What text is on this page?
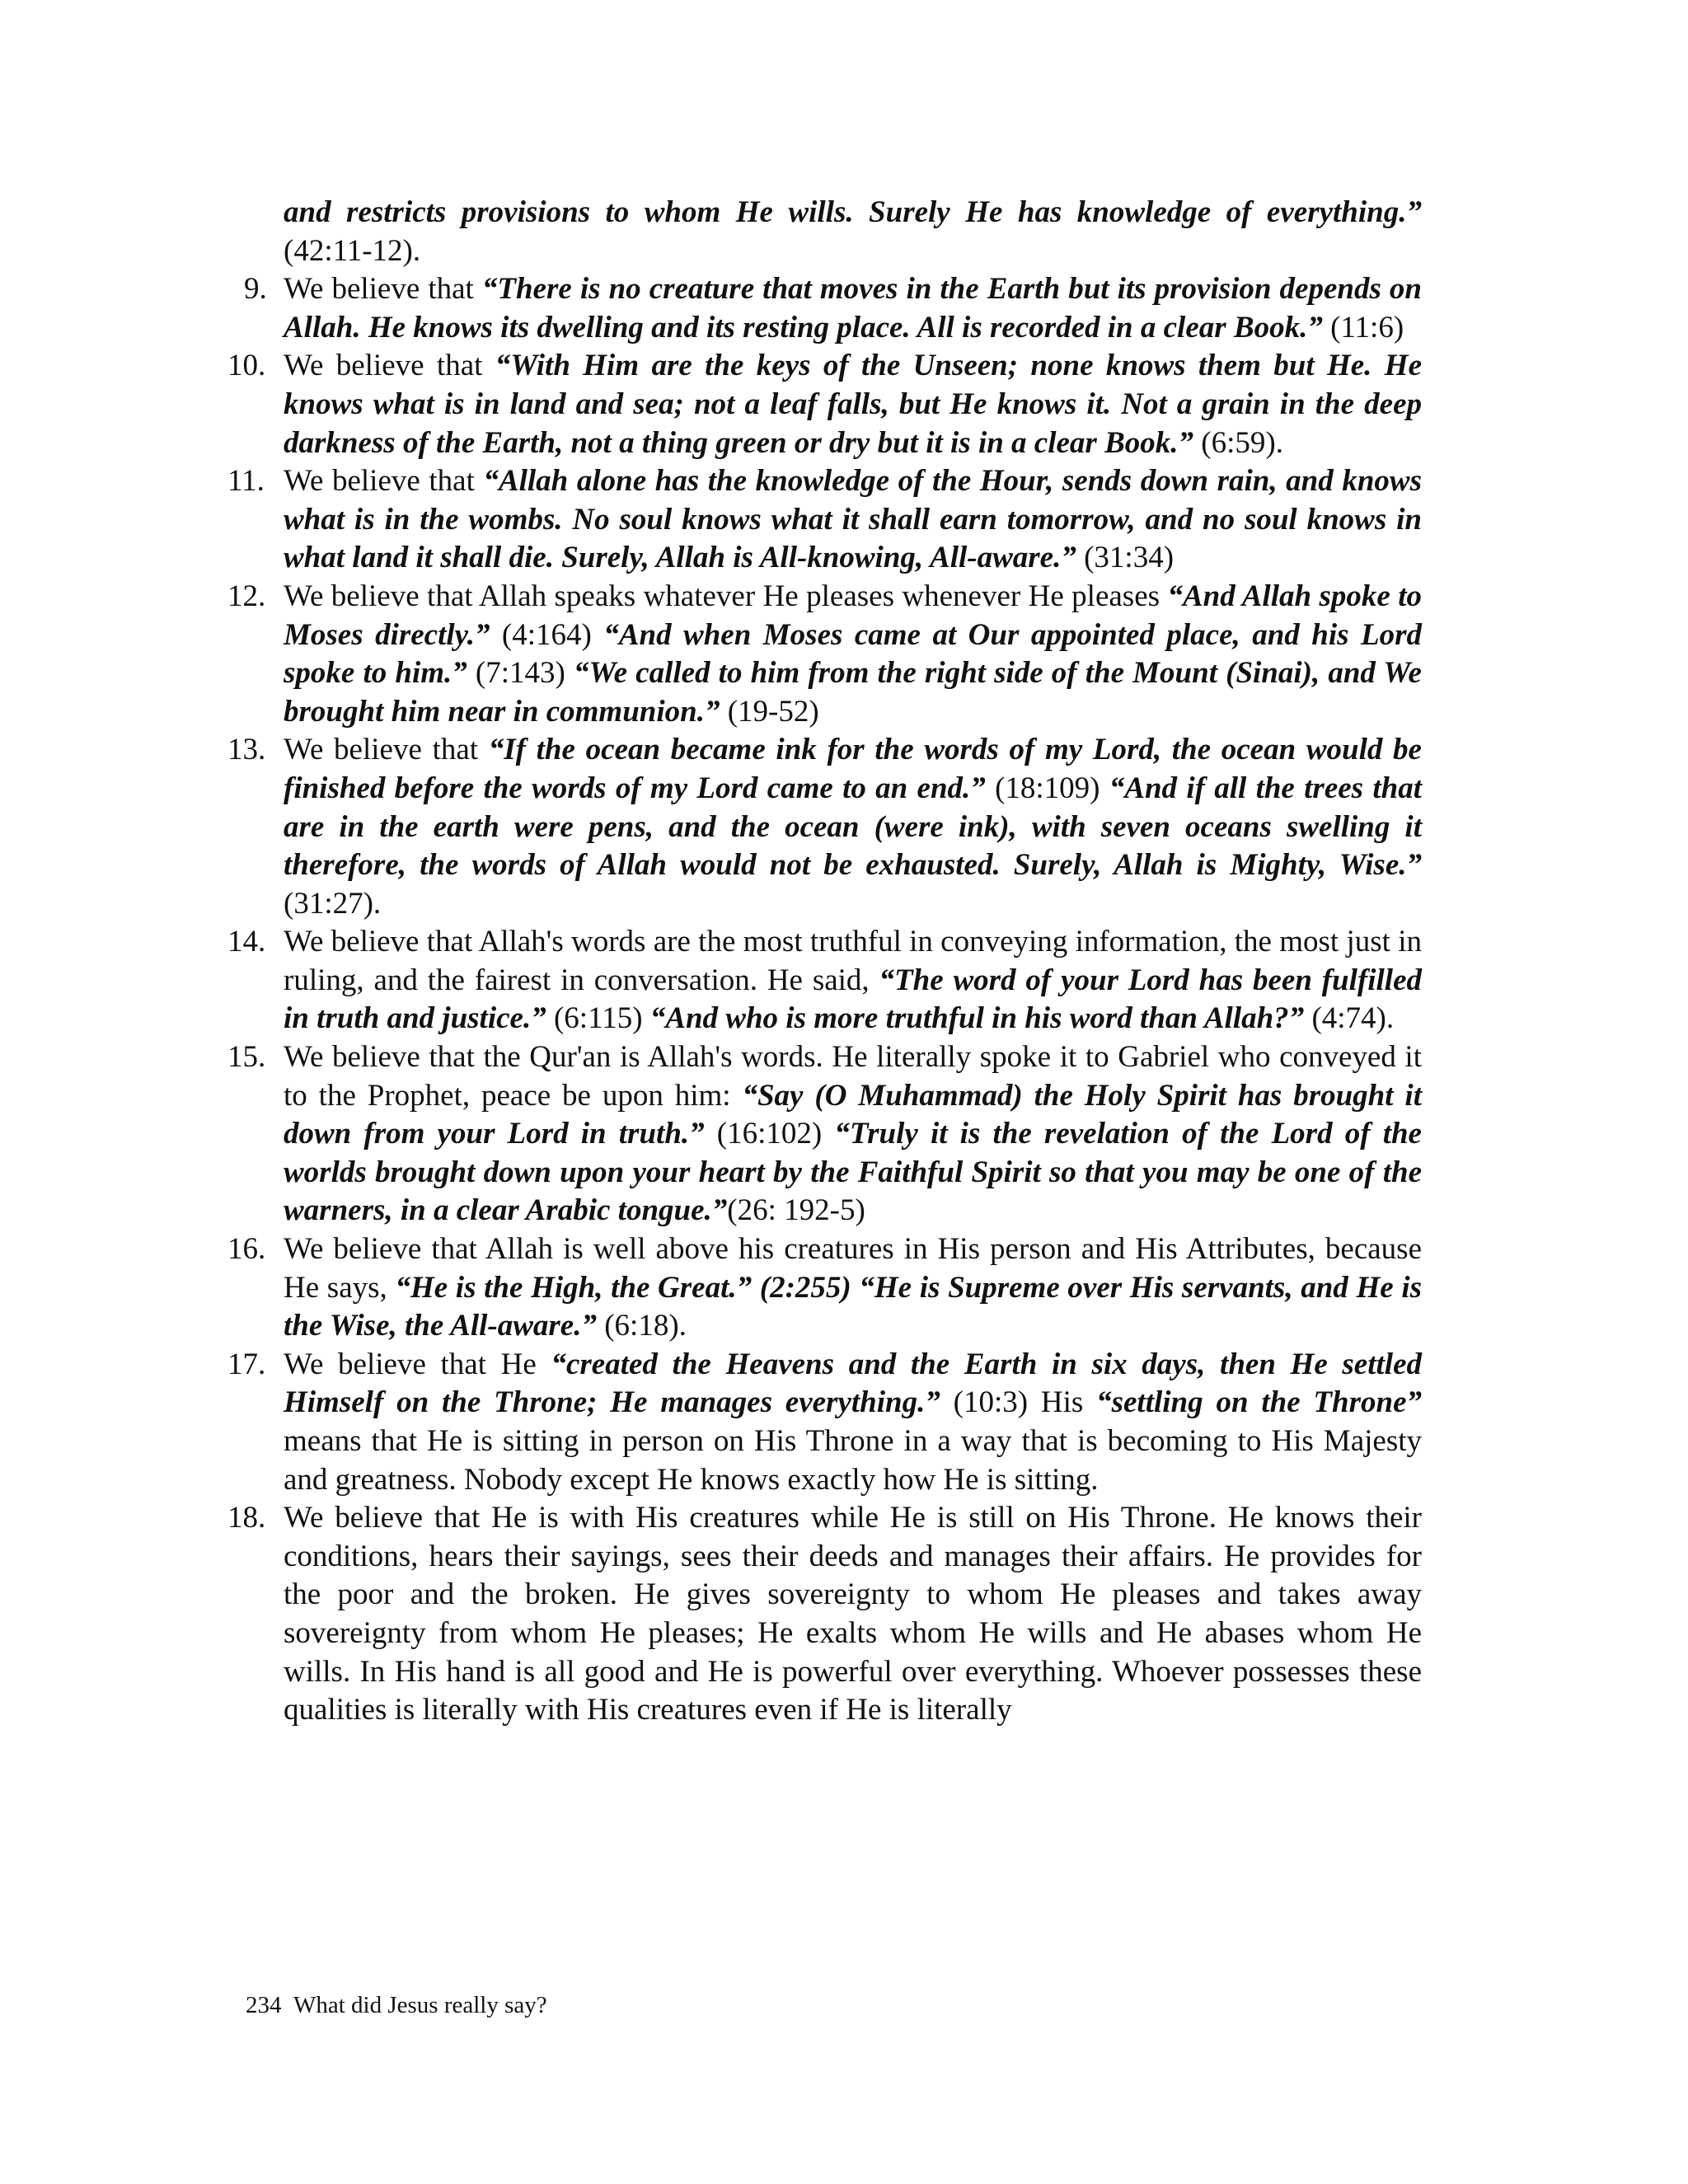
and restricts provisions to whom He wills. Surely He has knowledge of everything.” (42:11-12).
9. We believe that “There is no creature that moves in the Earth but its provision depends on Allah. He knows its dwelling and its resting place. All is recorded in a clear Book.” (11:6)
10. We believe that “With Him are the keys of the Unseen; none knows them but He. He knows what is in land and sea; not a leaf falls, but He knows it. Not a grain in the deep darkness of the Earth, not a thing green or dry but it is in a clear Book.” (6:59).
11. We believe that “Allah alone has the knowledge of the Hour, sends down rain, and knows what is in the wombs. No soul knows what it shall earn tomorrow, and no soul knows in what land it shall die. Surely, Allah is All-knowing, All-aware.” (31:34)
12. We believe that Allah speaks whatever He pleases whenever He pleases “And Allah spoke to Moses directly.” (4:164) “And when Moses came at Our appointed place, and his Lord spoke to him.” (7:143) “We called to him from the right side of the Mount (Sinai), and We brought him near in communion.” (19-52)
13. We believe that “If the ocean became ink for the words of my Lord, the ocean would be finished before the words of my Lord came to an end.” (18:109) “And if all the trees that are in the earth were pens, and the ocean (were ink), with seven oceans swelling it therefore, the words of Allah would not be exhausted. Surely, Allah is Mighty, Wise.” (31:27).
14. We believe that Allah's words are the most truthful in conveying information, the most just in ruling, and the fairest in conversation. He said, “The word of your Lord has been fulfilled in truth and justice.” (6:115) “And who is more truthful in his word than Allah?” (4:74).
15. We believe that the Qur'an is Allah's words. He literally spoke it to Gabriel who conveyed it to the Prophet, peace be upon him: “Say (O Muhammad) the Holy Spirit has brought it down from your Lord in truth.” (16:102) “Truly it is the revelation of the Lord of the worlds brought down upon your heart by the Faithful Spirit so that you may be one of the warners, in a clear Arabic tongue.”(26: 192-5)
16. We believe that Allah is well above his creatures in His person and His Attributes, because He says, “He is the High, the Great.” (2:255) “He is Supreme over His servants, and He is the Wise, the All-aware.” (6:18).
17. We believe that He “created the Heavens and the Earth in six days, then He settled Himself on the Throne; He manages everything.” (10:3) His “settling on the Throne” means that He is sitting in person on His Throne in a way that is becoming to His Majesty and greatness. Nobody except He knows exactly how He is sitting.
18. We believe that He is with His creatures while He is still on His Throne. He knows their conditions, hears their sayings, sees their deeds and manages their affairs. He provides for the poor and the broken. He gives sovereignty to whom He pleases and takes away sovereignty from whom He pleases; He exalts whom He wills and He abases whom He wills. In His hand is all good and He is powerful over everything. Whoever possesses these qualities is literally with His creatures even if He is literally
234 What did Jesus really say?
